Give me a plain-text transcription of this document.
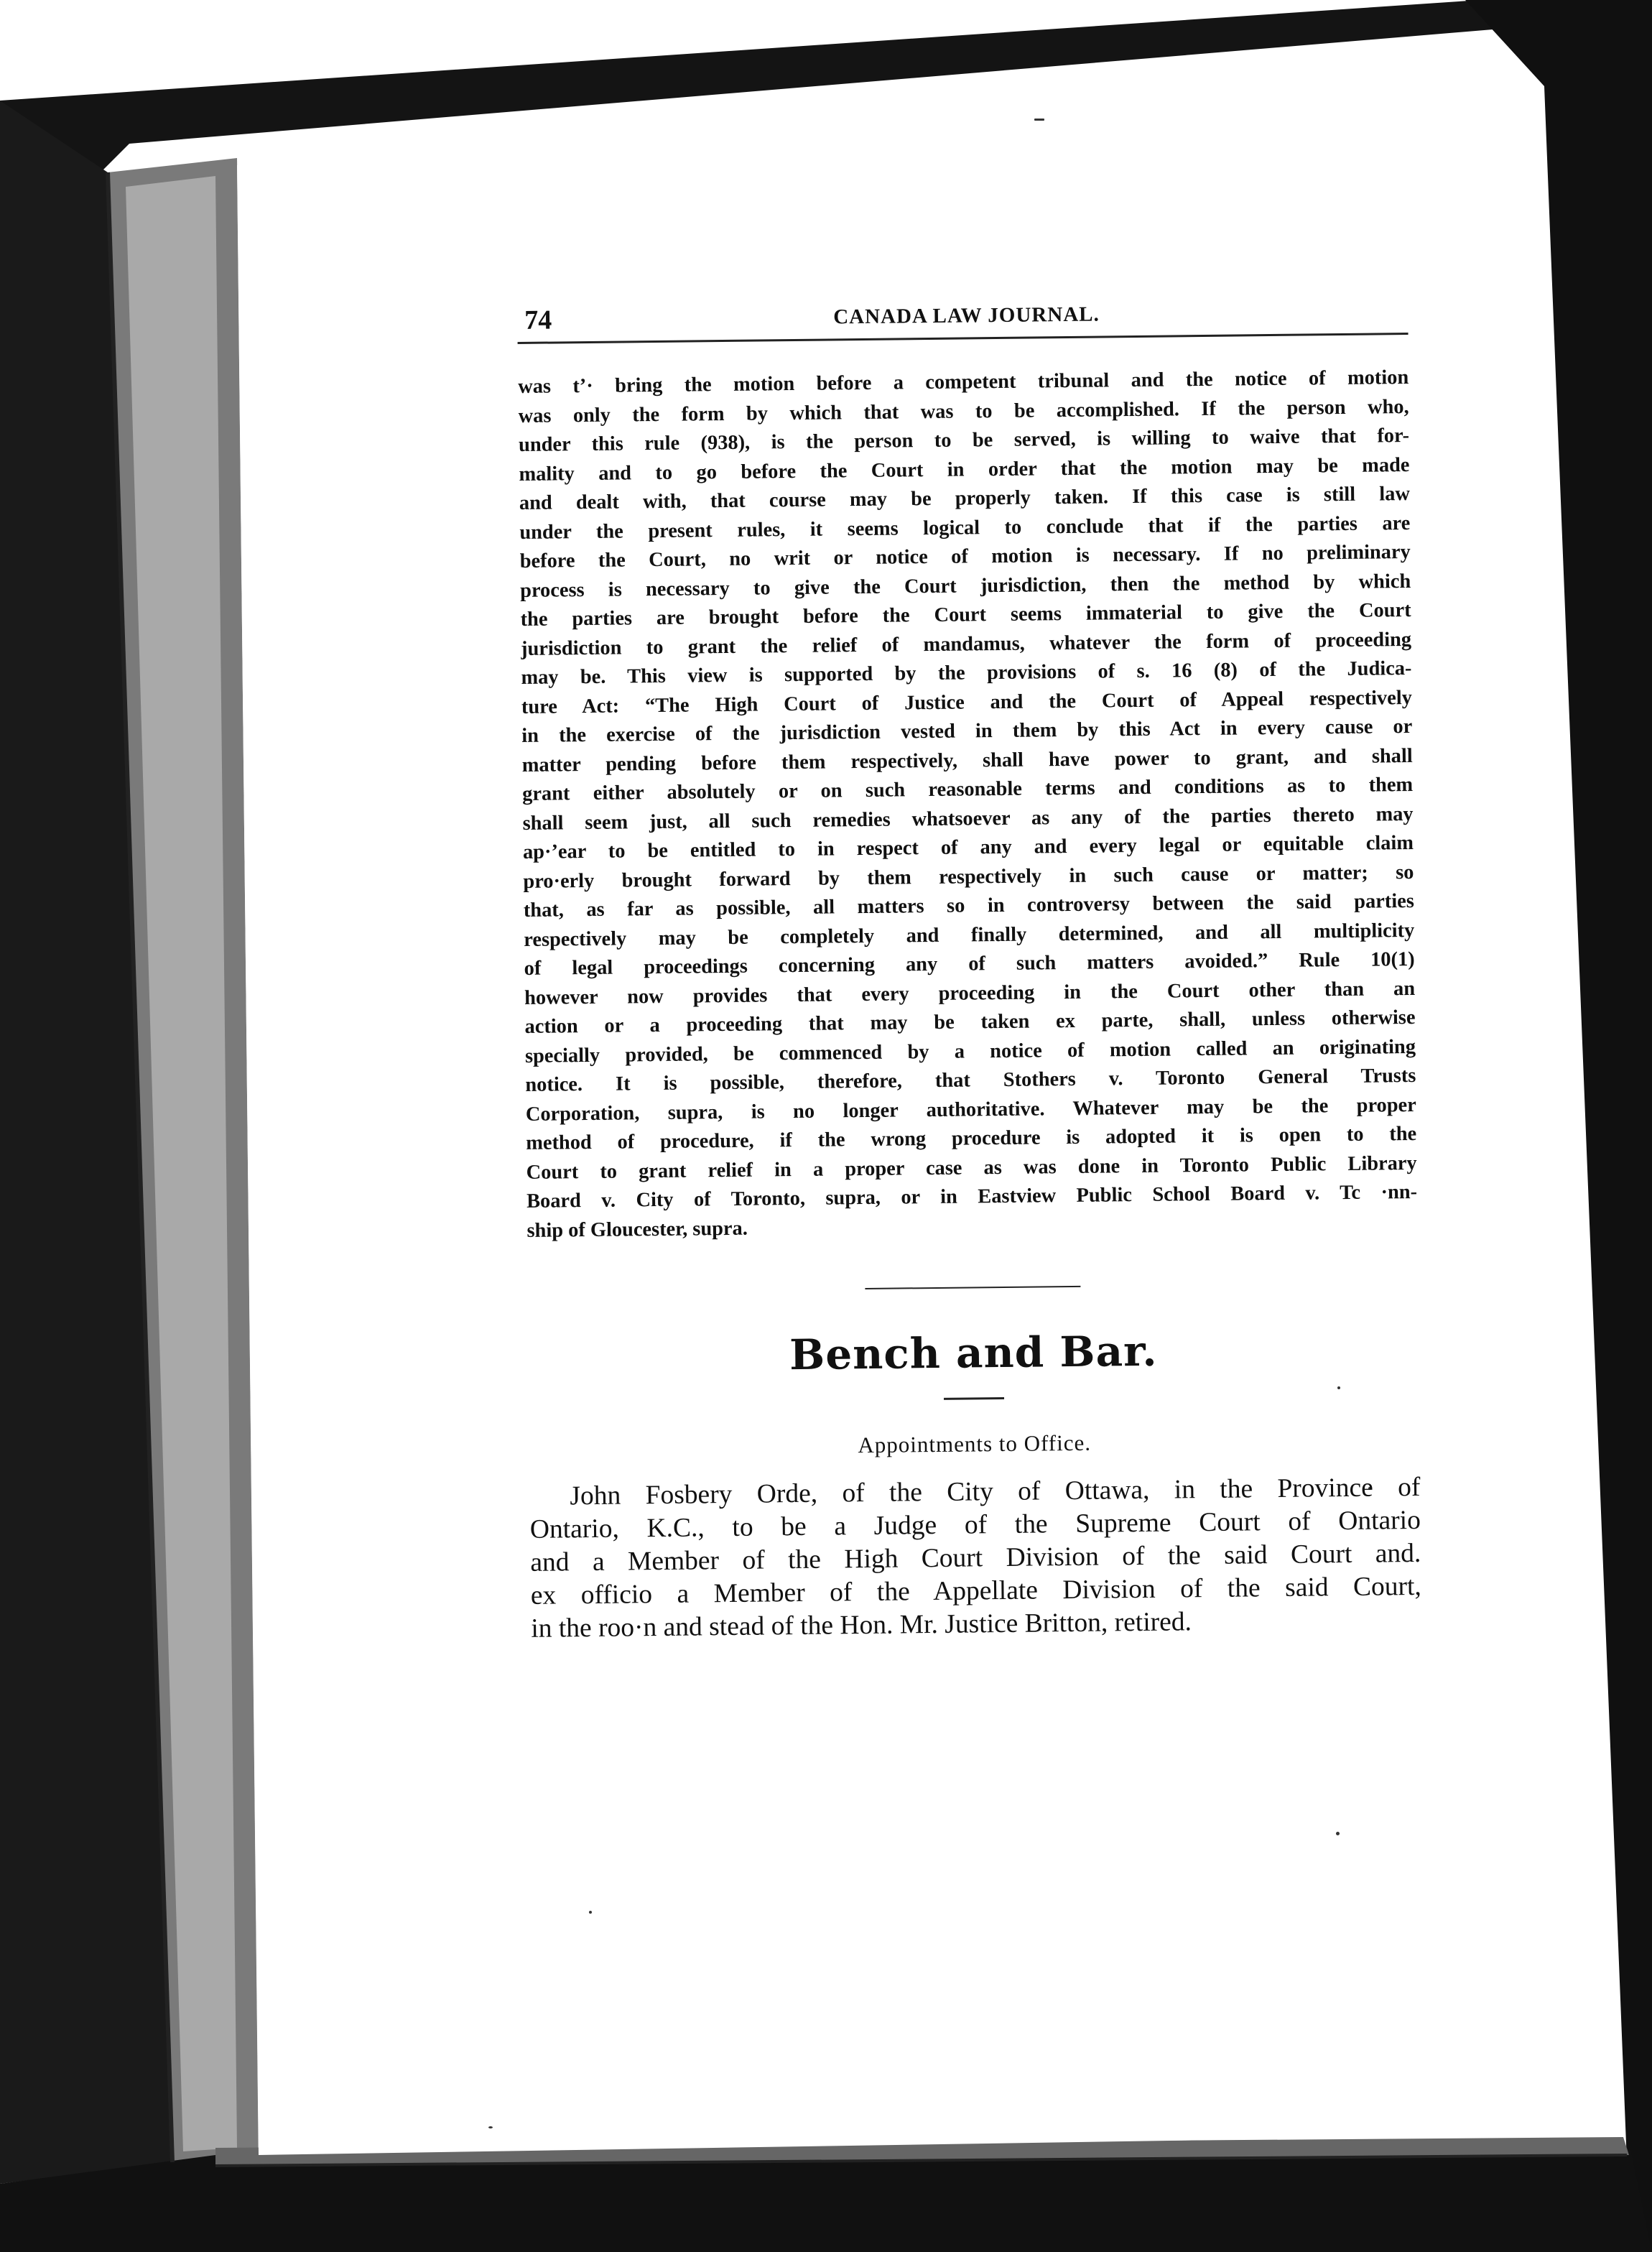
74	CANADA LAW JOURNAL.
was t’· bring the motion before a competent tribunal and the notice of motion
was only the form by which that was to be accomplished. If the person who,
under this rule (938), is the person to be served, is willing to waive that for-
mality and to go before the Court in order that the motion may be made
and dealt with, that course may be properly taken. If this case is still law
under the present rules, it seems logical to conclude that if the parties are
before the Court, no writ or notice of motion is necessary. If no preliminary
process is necessary to give the Court jurisdiction, then the method by which
the parties are brought before the Court seems immaterial to give the Court
jurisdiction to grant the relief of mandamus, whatever the form of proceeding
may be. This view is supported by the provisions of s. 16 (8) of the Judica-
ture Act: “The High Court of Justice and the Court of Appeal respectively
in the exercise of the jurisdiction vested in them by this Act in every cause or
matter pending before them respectively, shall have power to grant, and shall
grant either absolutely or on such reasonable terms and conditions as to them
shall seem just, all such remedies whatsoever as any of the parties thereto may
ap·’ear to be entitled to in respect of any and every legal or equitable claim
pro·erly brought forward by them respectively in such cause or matter; so
that, as far as possible, all matters so in controversy between the said parties
respectively may be completely and finally determined, and all multiplicity
of legal proceedings concerning any of such matters avoided.” Rule 10(1)
however now provides that every proceeding in the Court other than an
action or a proceeding that may be taken ex parte, shall, unless otherwise
specially provided, be commenced by a notice of motion called an originating
notice. It is possible, therefore, that Stothers v. Toronto General Trusts
Corporation, supra, is no longer authoritative. Whatever may be the proper
method of procedure, if the wrong procedure is adopted it is open to the
Court to grant relief in a proper case as was done in Toronto Public Library
Board v. City of Toronto, supra, or in Eastview Public School Board v. Tc ·nn-
ship of Gloucester, supra.
Bench and Bar.
Appointments to Office.
John Fosbery Orde, of the City of Ottawa, in the Province of
Ontario, K.C., to be a Judge of the Supreme Court of Ontario
and a Member of the High Court Division of the said Court and.
ex officio a Member of the Appellate Division of the said Court,
in the roo·n and stead of the Hon. Mr. Justice Britton, retired.
